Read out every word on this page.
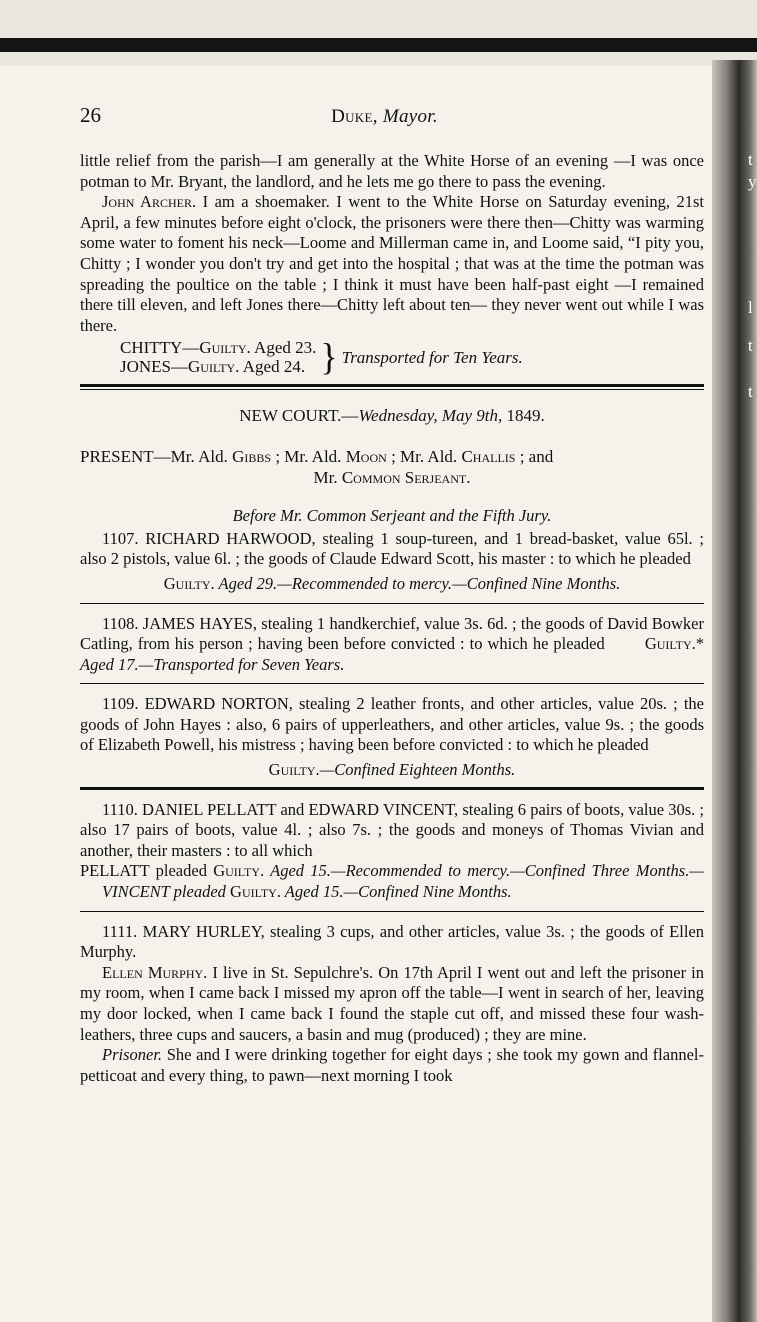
t
y
l
t
t
26	Duke, Mayor.

little relief from the parish—I am generally at the White Horse of an evening —I was once potman to Mr. Bryant, the landlord, and he lets me go there to pass the evening.

John Archer. I am a shoemaker. I went to the White Horse on Saturday evening, 21st April, a few minutes before eight o'clock, the prisoners were there then—Chitty was warming some water to foment his neck—Loome and Millerman came in, and Loome said, “I pity you, Chitty ; I wonder you don't try and get into the hospital ; that was at the time the potman was spreading the poultice on the table ; I think it must have been half-past eight —I remained there till eleven, and left Jones there—Chitty left about ten— they never went out while I was there.

CHITTY—Guilty. Aged 23.
JONES—Guilty. Aged 24. } Transported for Ten Years.
NEW COURT.—Wednesday, May 9th, 1849.
PRESENT—Mr. Ald. Gibbs ; Mr. Ald. Moon ; Mr. Ald. Challis ; and
Mr. Common Serjeant.
Before Mr. Common Serjeant and the Fifth Jury.

1107. RICHARD HARWOOD, stealing 1 soup-tureen, and 1 bread-basket, value 65l. ; also 2 pistols, value 6l. ; the goods of Claude Edward Scott, his master : to which he pleaded

Guilty. Aged 29.—Recommended to mercy.—Confined Nine Months.

1108. JAMES HAYES, stealing 1 handkerchief, value 3s. 6d. ; the goods of David Bowker Catling, from his person ; having been before convicted : to which he pleaded Guilty.* Aged 17.—Transported for Seven Years.

1109. EDWARD NORTON, stealing 2 leather fronts, and other articles, value 20s. ; the goods of John Hayes : also, 6 pairs of upperleathers, and other articles, value 9s. ; the goods of Elizabeth Powell, his mistress ; having been before convicted : to which he pleaded

Guilty.—Confined Eighteen Months.

1110. DANIEL PELLATT and EDWARD VINCENT, stealing 6 pairs of boots, value 30s. ; also 17 pairs of boots, value 4l. ; also 7s. ; the goods and moneys of Thomas Vivian and another, their masters : to all which

PELLATT pleaded Guilty. Aged 15.—Recommended to mercy.—Confined Three Months.—VINCENT pleaded Guilty. Aged 15.—Confined Nine Months.

1111. MARY HURLEY, stealing 3 cups, and other articles, value 3s. ; the goods of Ellen Murphy.

Ellen Murphy. I live in St. Sepulchre's. On 17th April I went out and left the prisoner in my room, when I came back I missed my apron off the table—I went in search of her, leaving my door locked, when I came back I found the staple cut off, and missed these four wash-leathers, three cups and saucers, a basin and mug (produced) ; they are mine.

Prisoner. She and I were drinking together for eight days ; she took my gown and flannel-petticoat and every thing, to pawn—next morning I took
